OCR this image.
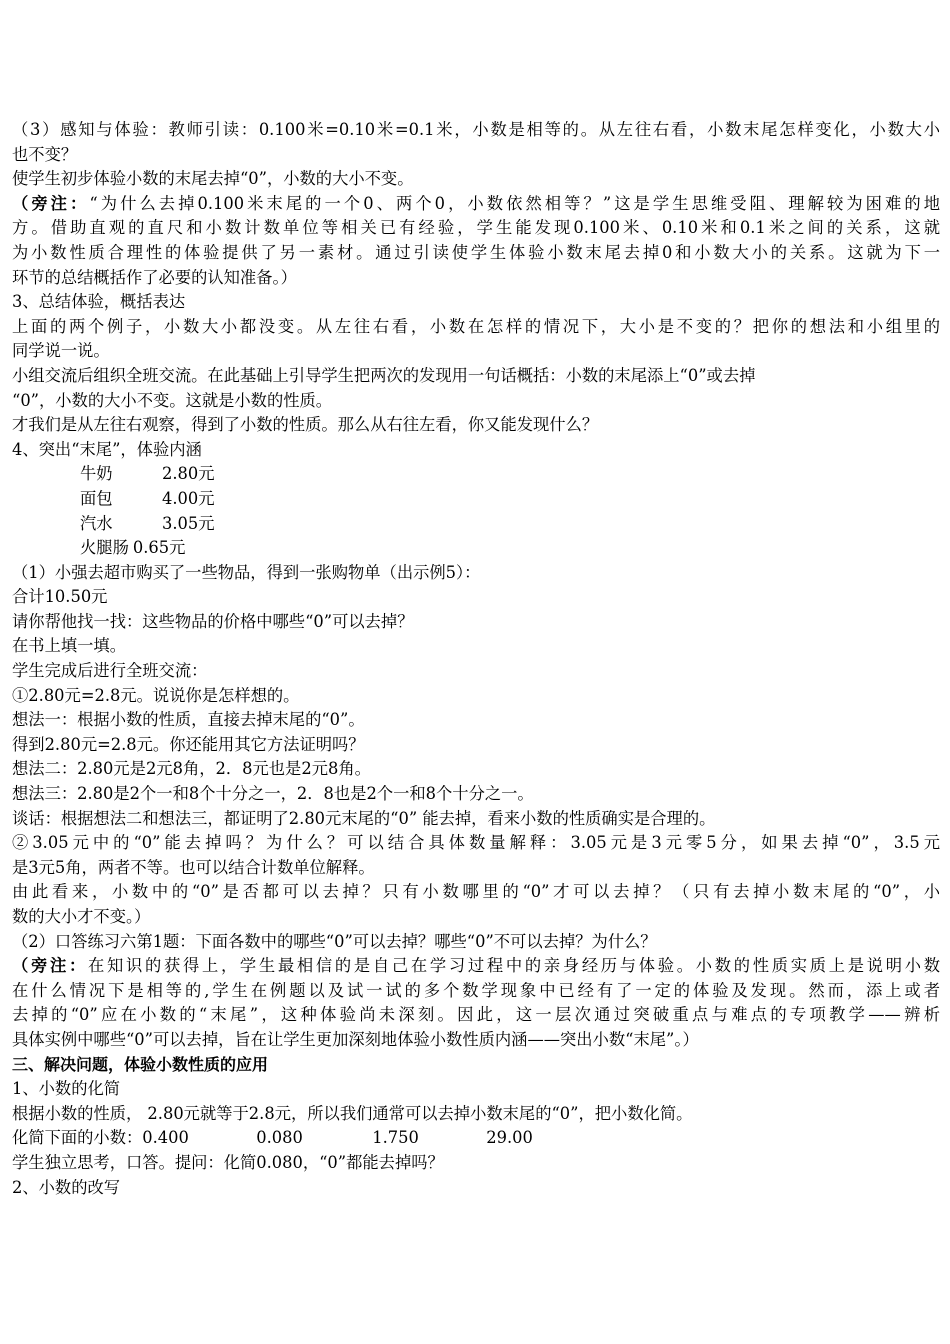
（3）感知与体验：教师引读：0.100米=0.10米=0.1米，小数是相等的。从左往右看，小数末尾怎样变化，小数大小
也不变？
使学生初步体验小数的末尾去掉“0”，小数的大小不变。
（旁注：“为什么去掉0.100米末尾的一个0、两个0，小数依然相等？”这是学生思维受阻、理解较为困难的地
方。借助直观的直尺和小数计数单位等相关已有经验，学生能发现0.100米、0.10米和0.1米之间的关系，这就
为小数性质合理性的体验提供了另一素材。通过引读使学生体验小数末尾去掉0和小数大小的关系。这就为下一
环节的总结概括作了必要的认知准备。）
3、总结体验，概括表达
上面的两个例子，小数大小都没变。从左往右看，小数在怎样的情况下，大小是不变的？把你的想法和小组里的
同学说一说。
小组交流后组织全班交流。在此基础上引导学生把两次的发现用一句话概括：小数的末尾添上“0”或去掉
“0”，小数的大小不变。这就是小数的性质。
才我们是从左往右观察，得到了小数的性质。那么从右往左看，你又能发现什么？
4、突出“末尾”，体验内涵
牛奶	2.80元
面包	4.00元
汽水	3.05元
火腿肠 0.65元
（1）小强去超市购买了一些物品，得到一张购物单（出示例5）：
合计10.50元
请你帮他找一找：这些物品的价格中哪些“0”可以去掉？
在书上填一填。
学生完成后进行全班交流：
①2.80元=2.8元。说说你是怎样想的。
想法一：根据小数的性质，直接去掉末尾的“0”。
得到2.80元=2.8元。你还能用其它方法证明吗？
想法二：2.80元是2元8角，2．8元也是2元8角。
想法三：2.80是2个一和8个十分之一，2．8也是2个一和8个十分之一。
谈话：根据想法二和想法三，都证明了2.80元末尾的“0” 能去掉，看来小数的性质确实是合理的。
②3.05元中的“0”能去掉吗？为什么？可以结合具体数量解释：3.05元是3元零5分，如果去掉“0”，3.5元
是3元5角，两者不等。也可以结合计数单位解释。
由此看来，小数中的“0”是否都可以去掉？只有小数哪里的“0”才可以去掉？（只有去掉小数末尾的“0”，小
数的大小才不变。）
（2）口答练习六第1题：下面各数中的哪些“0”可以去掉？哪些“0”不可以去掉？为什么？
（旁注：在知识的获得上，学生最相信的是自己在学习过程中的亲身经历与体验。小数的性质实质上是说明小数
在什么情况下是相等的,学生在例题以及试一试的多个数学现象中已经有了一定的体验及发现。然而，添上或者
去掉的“0”应在小数的“末尾”，这种体验尚未深刻。因此，这一层次通过突破重点与难点的专项教学——辨析
具体实例中哪些“0”可以去掉，旨在让学生更加深刻地体验小数性质内涵——突出小数“末尾”。）
三、解决问题，体验小数性质的应用
1、小数的化简
根据小数的性质， 2.80元就等于2.8元，所以我们通常可以去掉小数末尾的“0”，把小数化简。
化简下面的小数： 0.400	0.080	1.750	29.00
学生独立思考，口答。提问：化简0.080，“0”都能去掉吗？
2、小数的改写
